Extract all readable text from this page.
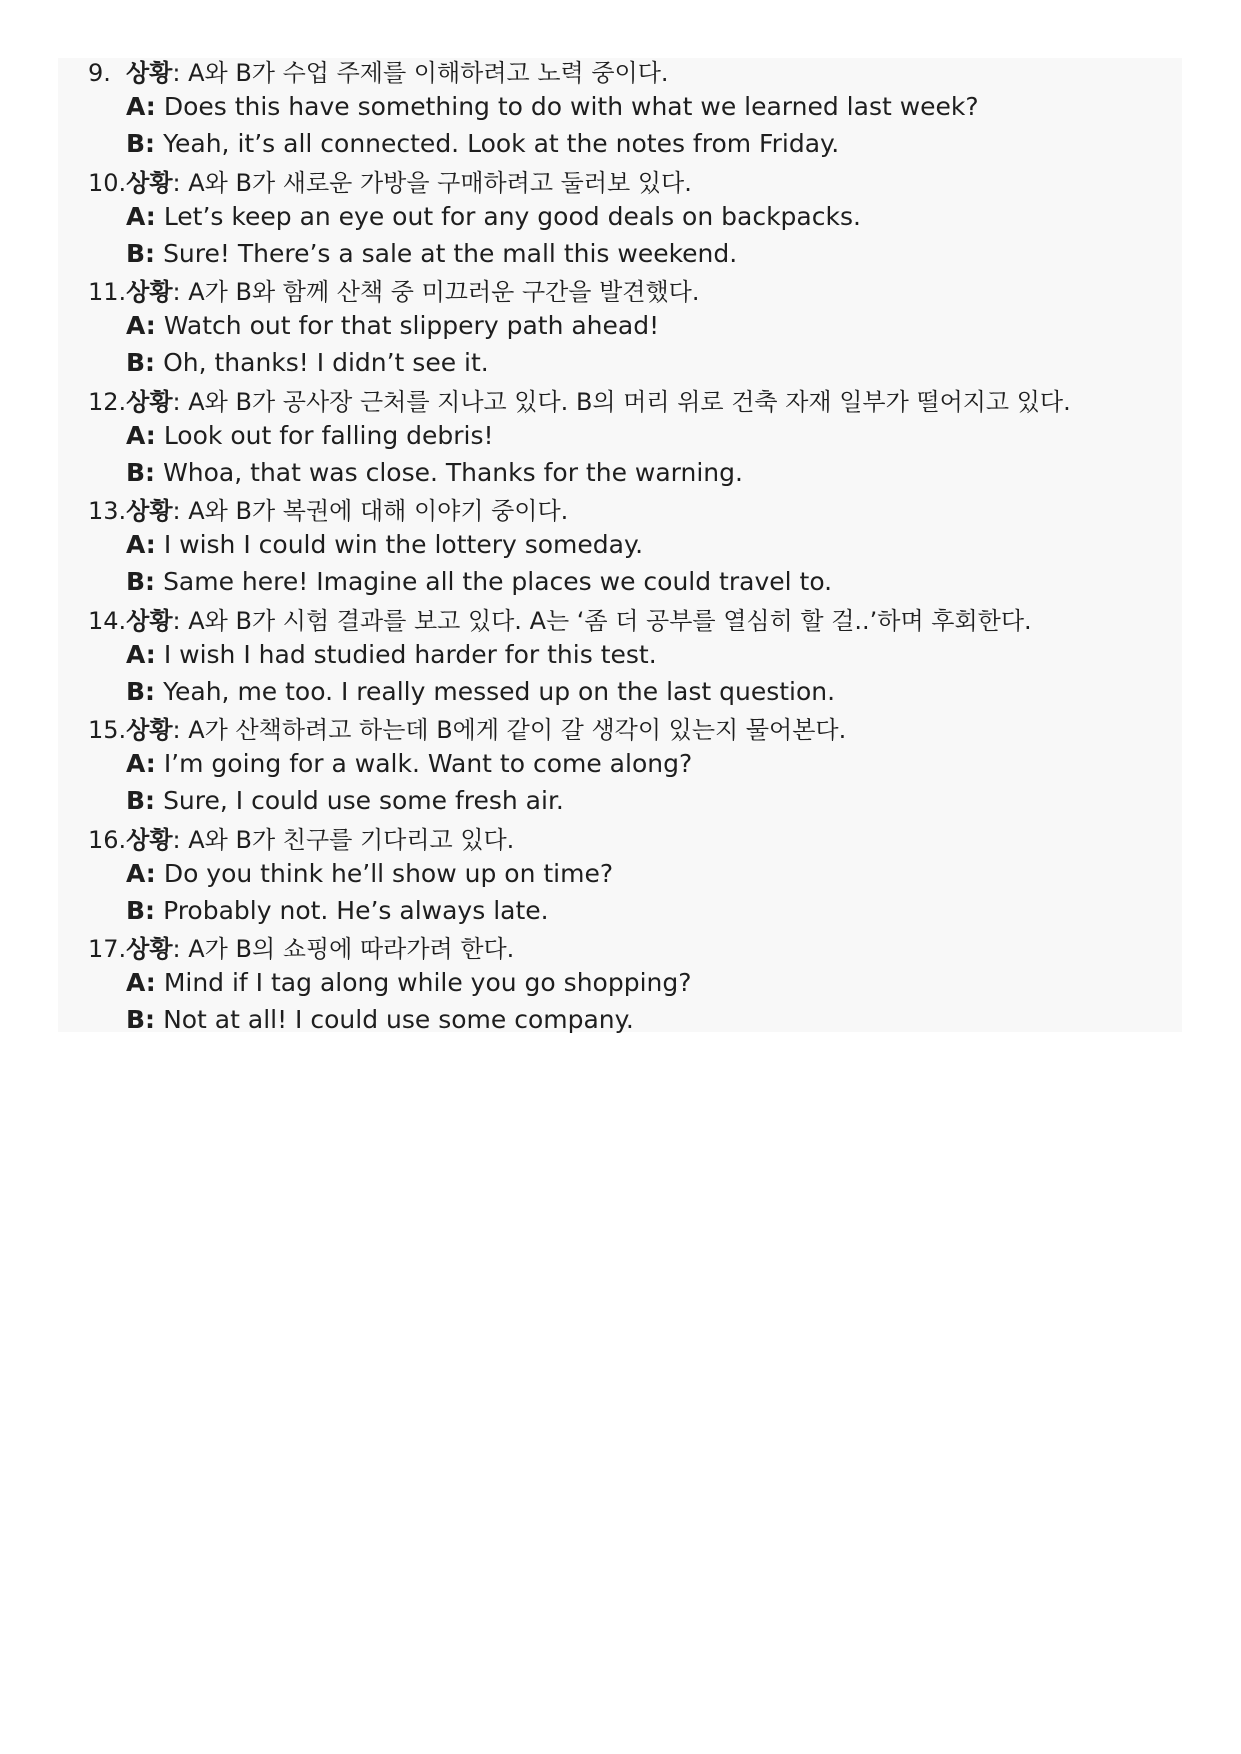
9. 상황: A와 B가 수업 주제를 이해하려고 노력 중이다.
A: Does this have something to do with what we learned last week?
B: Yeah, it’s all connected. Look at the notes from Friday.
10.상황: A와 B가 새로운 가방을 구매하려고 둘러보 있다.
A: Let’s keep an eye out for any good deals on backpacks.
B: Sure! There’s a sale at the mall this weekend.
11.상황: A가 B와 함께 산책 중 미끄러운 구간을 발견했다.
A: Watch out for that slippery path ahead!
B: Oh, thanks! I didn’t see it.
12.상황: A와 B가 공사장 근처를 지나고 있다. B의 머리 위로 건축 자재 일부가 떨어지고 있다.
A: Look out for falling debris!
B: Whoa, that was close. Thanks for the warning.
13.상황: A와 B가 복권에 대해 이야기 중이다.
A: I wish I could win the lottery someday.
B: Same here! Imagine all the places we could travel to.
14.상황: A와 B가 시험 결과를 보고 있다. A는 ‘좀 더 공부를 열심히 할 걸..’하며 후회한다.
A: I wish I had studied harder for this test.
B: Yeah, me too. I really messed up on the last question.
15.상황: A가 산책하려고 하는데 B에게 같이 갈 생각이 있는지 물어본다.
A: I’m going for a walk. Want to come along?
B: Sure, I could use some fresh air.
16.상황: A와 B가 친구를 기다리고 있다.
A: Do you think he’ll show up on time?
B: Probably not. He’s always late.
17.상황: A가 B의 쇼핑에 따라가려 한다.
A: Mind if I tag along while you go shopping?
B: Not at all! I could use some company.
